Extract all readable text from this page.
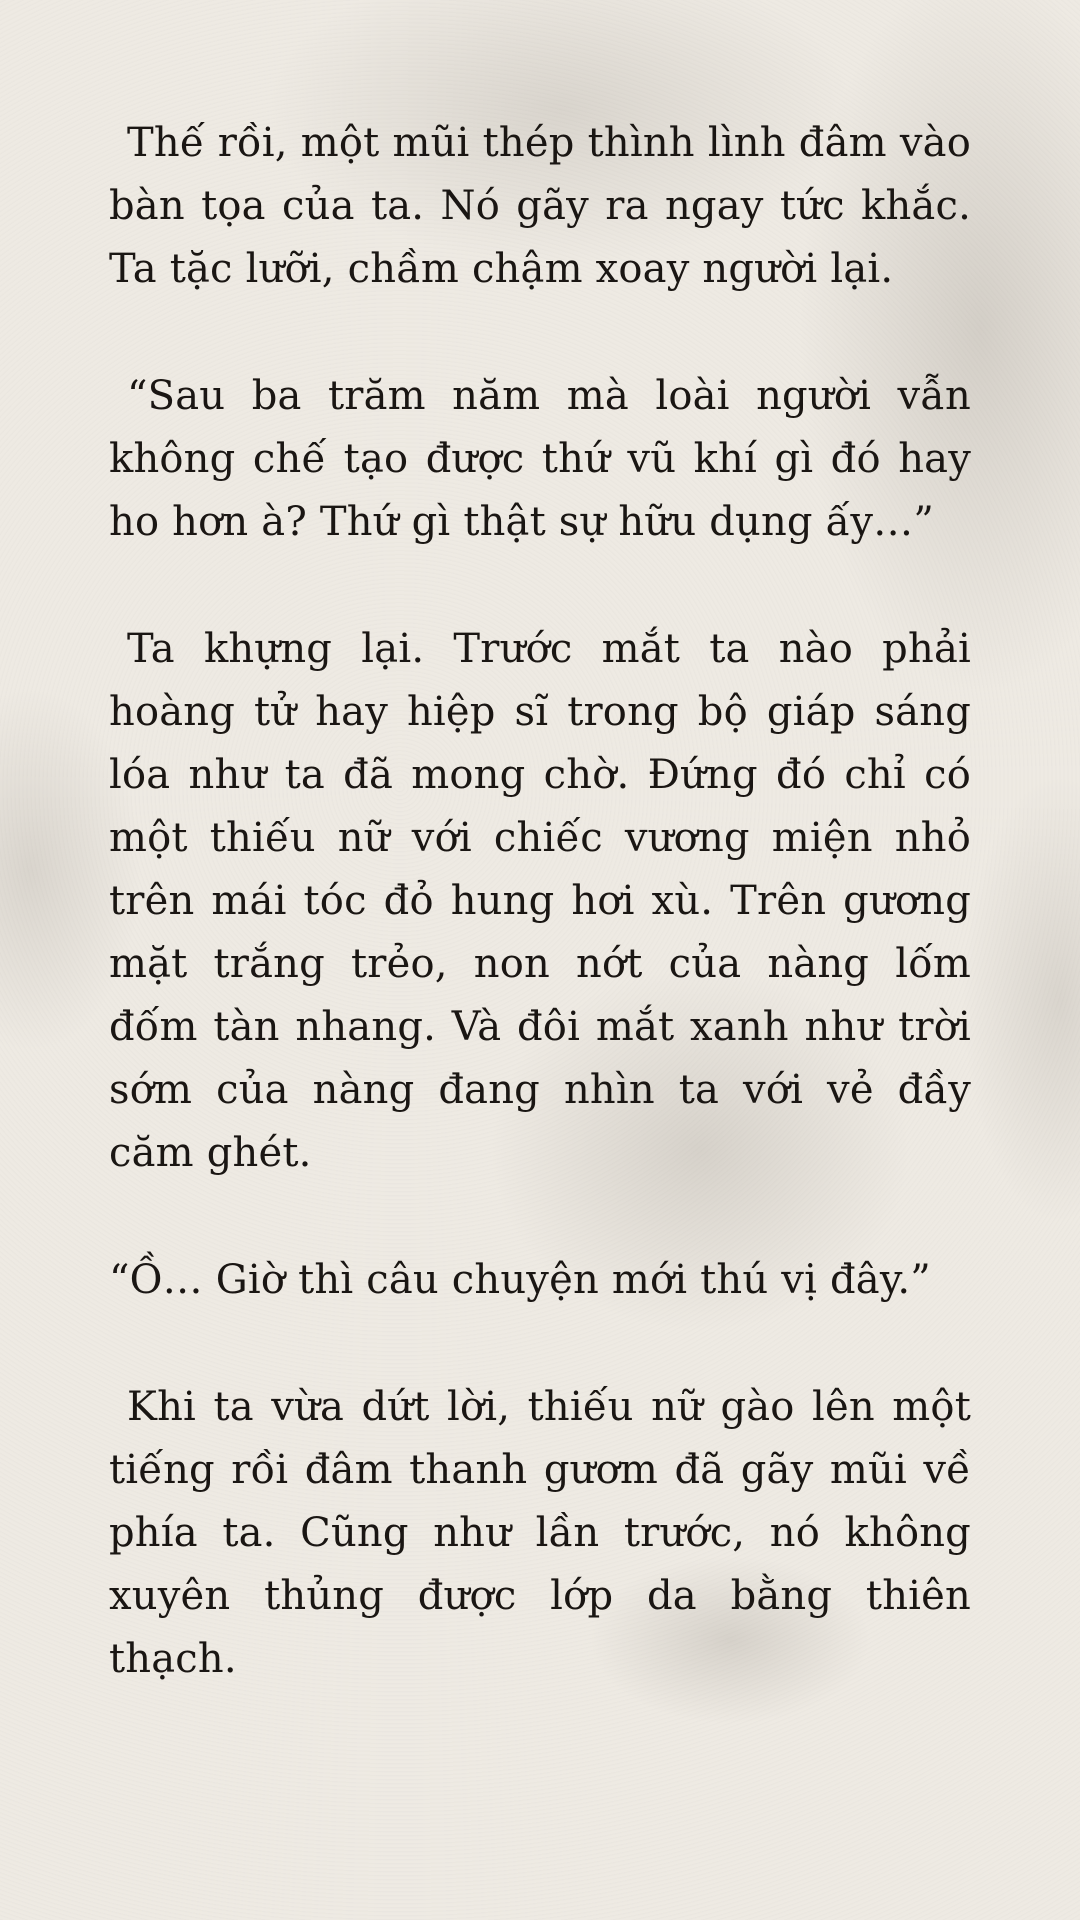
Thế rồi, một mũi thép thình lình đâm vào bàn tọa của ta. Nó gãy ra ngay tức khắc. Ta tặc lưỡi, chầm chậm xoay người lại.

“Sau ba trăm năm mà loài người vẫn không chế tạo được thứ vũ khí gì đó hay ho hơn à? Thứ gì thật sự hữu dụng ấy…”

Ta khựng lại. Trước mắt ta nào phải hoàng tử hay hiệp sĩ trong bộ giáp sáng lóa như ta đã mong chờ. Đứng đó chỉ có một thiếu nữ với chiếc vương miện nhỏ trên mái tóc đỏ hung hơi xù. Trên gương mặt trắng trẻo, non nớt của nàng lốm đốm tàn nhang. Và đôi mắt xanh như trời sớm của nàng đang nhìn ta với vẻ đầy căm ghét.

“Ồ… Giờ thì câu chuyện mới thú vị đây.”

Khi ta vừa dứt lời, thiếu nữ gào lên một tiếng rồi đâm thanh gươm đã gãy mũi về phía ta. Cũng như lần trước, nó không xuyên thủng được lớp da bằng thiên thạch.
